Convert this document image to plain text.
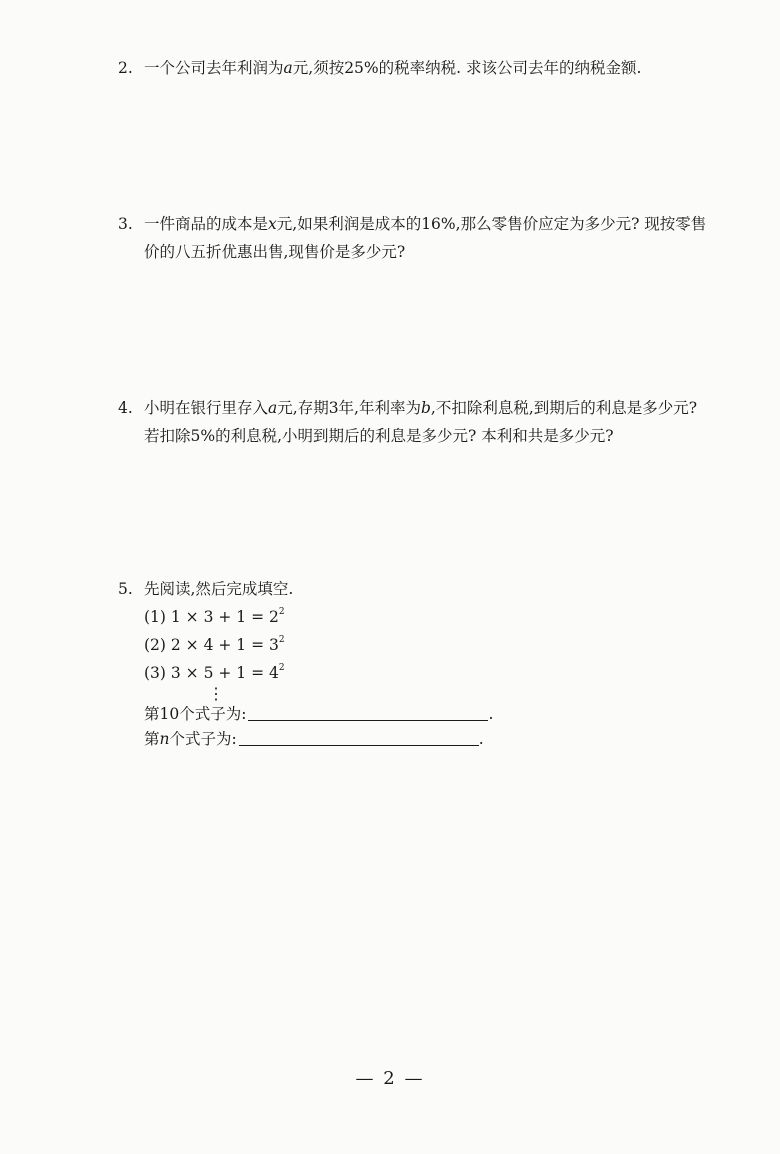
2. 一个公司去年利润为a元,须按25%的税率纳税. 求该公司去年的纳税金额.
3. 一件商品的成本是x元,如果利润是成本的16%,那么零售价应定为多少元? 现按零售
价的八五折优惠出售,现售价是多少元?
4. 小明在银行里存入a元,存期3年,年利率为b,不扣除利息税,到期后的利息是多少元?
若扣除5%的利息税,小明到期后的利息是多少元? 本利和共是多少元?
5. 先阅读,然后完成填空.
(1) $1 \times 3 + 1 = 2^2$
(2) $2 \times 4 + 1 = 3^2$
(3) $3 \times 5 + 1 = 4^2$
⋮
第10个式子为:	.
第n个式子为:	.
— 2 —
